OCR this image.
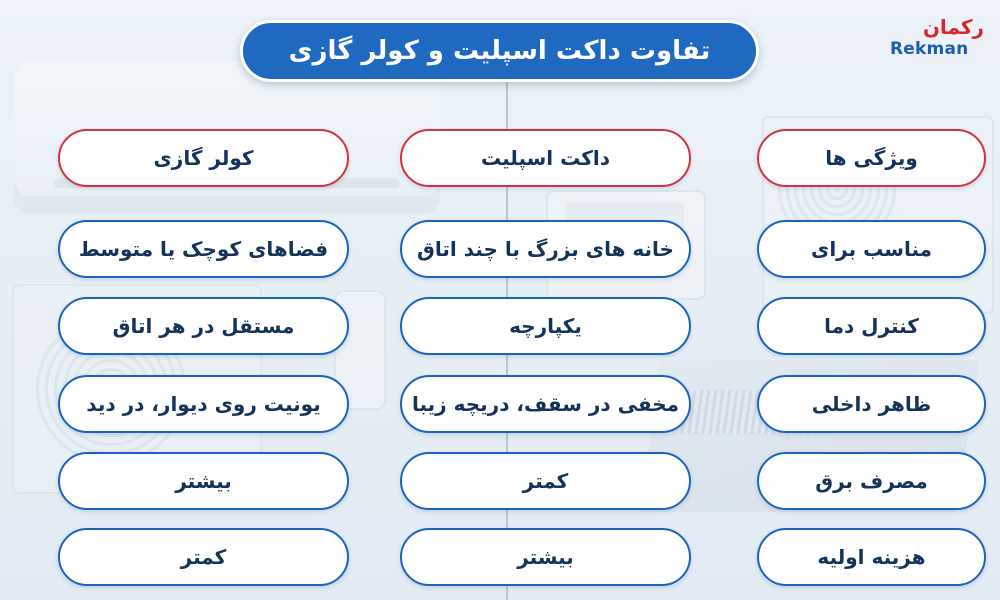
تفاوت داکت اسپلیت و کولر گازی
رکمان
Rekman
کولر گازی	داکت اسپلیت	ویژگی ها
فضاهای کوچک یا متوسط	خانه های بزرگ با چند اتاق	مناسب برای
مستقل در هر اتاق	یکپارچه	کنترل دما
یونیت روی دیوار، در دید	مخفی در سقف، دریچه زیبا	ظاهر داخلی
بیشتر	کمتر	مصرف برق
کمتر	بیشتر	هزینه اولیه
